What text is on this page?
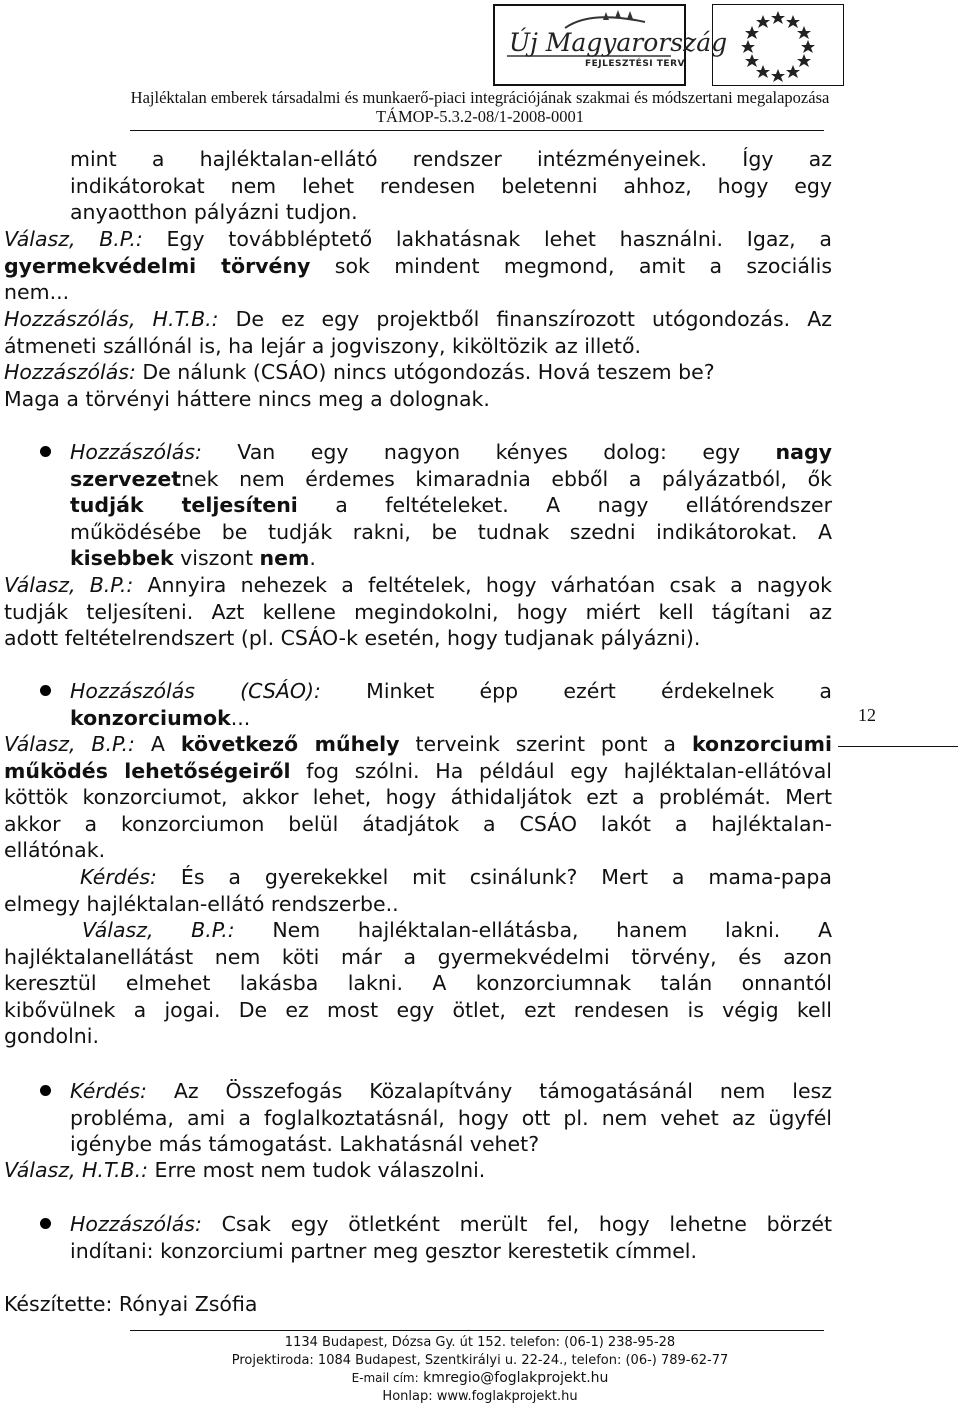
Új Magyarország
FEJLESZTÉSI TERV
Hajléktalan emberek társadalmi és munkaerő-piaci integrációjának szakmai és módszertani megalapozása
TÁMOP-5.3.2-08/1-2008-0001
mint a hajléktalan-ellátó rendszer intézményeinek. Így az
indikátorokat nem lehet rendesen beletenni ahhoz, hogy egy
anyaotthon pályázni tudjon.
Válasz, B.P.: Egy továbbléptető lakhatásnak lehet használni. Igaz, a
gyermekvédelmi törvény sok mindent megmond, amit a szociális
nem...
Hozzászólás, H.T.B.: De ez egy projektből finanszírozott utógondozás. Az
átmeneti szállónál is, ha lejár a jogviszony, kiköltözik az illető.
Hozzászólás: De nálunk (CSÁO) nincs utógondozás. Hová teszem be?
Maga a törvényi háttere nincs meg a dolognak.
Hozzászólás: Van egy nagyon kényes dolog: egy nagy
szervezetnek nem érdemes kimaradnia ebből a pályázatból, ők
tudják teljesíteni a feltételeket. A nagy ellátórendszer
működésébe be tudják rakni, be tudnak szedni indikátorokat. A
kisebbek viszont nem.
Válasz, B.P.: Annyira nehezek a feltételek, hogy várhatóan csak a nagyok
tudják teljesíteni. Azt kellene megindokolni, hogy miért kell tágítani az
adott feltételrendszert (pl. CSÁO-k esetén, hogy tudjanak pályázni).
Hozzászólás (CSÁO): Minket épp ezért érdekelnek a
konzorciumok...
Válasz, B.P.: A következő műhely terveink szerint pont a konzorciumi
működés lehetőségeiről fog szólni. Ha például egy hajléktalan-ellátóval
köttök konzorciumot, akkor lehet, hogy áthidaljátok ezt a problémát. Mert
akkor a konzorciumon belül átadjátok a CSÁO lakót a hajléktalan-
ellátónak.
Kérdés: És a gyerekekkel mit csinálunk? Mert a mama-papa
elmegy hajléktalan-ellátó rendszerbe..
Válasz, B.P.: Nem hajléktalan-ellátásba, hanem lakni. A
hajléktalanellátást nem köti már a gyermekvédelmi törvény, és azon
keresztül elmehet lakásba lakni. A konzorciumnak talán onnantól
kibővülnek a jogai. De ez most egy ötlet, ezt rendesen is végig kell
gondolni.
Kérdés: Az Összefogás Közalapítvány támogatásánál nem lesz
probléma, ami a foglalkoztatásnál, hogy ott pl. nem vehet az ügyfél
igénybe más támogatást. Lakhatásnál vehet?
Válasz, H.T.B.: Erre most nem tudok válaszolni.
Hozzászólás: Csak egy ötletként merült fel, hogy lehetne börzét
indítani: konzorciumi partner meg gesztor kerestetik címmel.
Készítette: Rónyai Zsófia
12
1134 Budapest, Dózsa Gy. út 152. telefon: (06-1) 238-95-28
Projektiroda: 1084 Budapest, Szentkirályi u. 22-24., telefon: (06-) 789-62-77
E-mail cím: kmregio@foglakprojekt.hu
Honlap: www.foglakprojekt.hu
